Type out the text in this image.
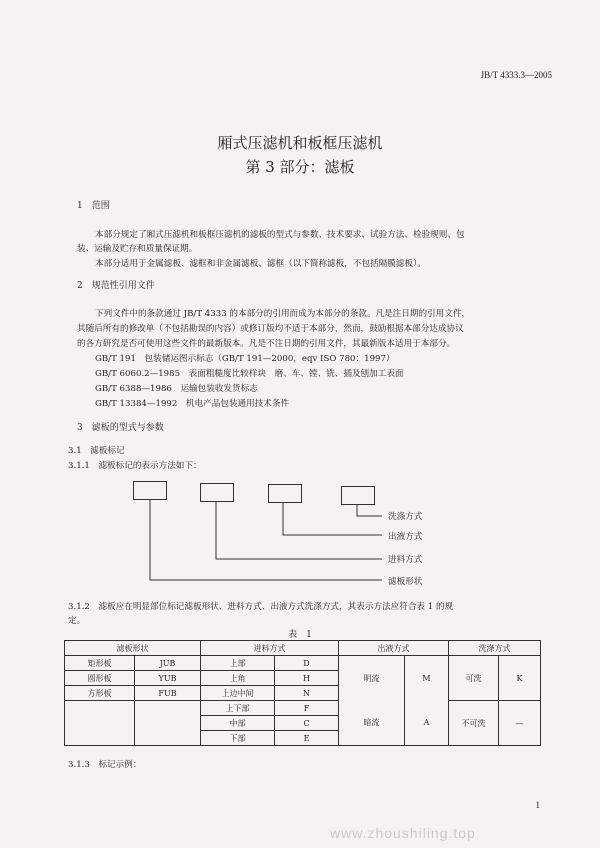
JB/T 4333.3—2005
厢式压滤机和板框压滤机
第 3 部分：滤板
1　范围
本部分规定了厢式压滤机和板框压滤机的滤板的型式与参数、技术要求、试验方法、检验规则、包
装、运输及贮存和质量保证期。
本部分适用于金属滤板、滤框和非金属滤板、滤框（以下简称滤板，不包括隔膜滤板）。
2　规范性引用文件
下列文件中的条款通过 JB/T 4333 的本部分的引用而成为本部分的条款。凡是注日期的引用文件，
其随后所有的修改单（不包括勘误的内容）或修订版均不适于本部分，然而，鼓励根据本部分达成协议
的各方研究是否可使用这些文件的最新版本。凡是不注日期的引用文件，其最新版本适用于本部分。
GB/T 191　包装储运图示标志（GB/T 191—2000，eqv ISO 780：1997）
GB/T 6060.2—1985　表面粗糙度比较样块　磨、车、镗、铣、插及刨加工表面
GB/T 6388—1986　运输包装收发货标志
GB/T 13384—1992　机电产品包装通用技术条件
3　滤板的型式与参数
3.1　滤板标记
3.1.1　滤板标记的表示方法如下：
洗涤方式
出液方式
进料方式
滤板形状
3.1.2　滤板应在明显部位标记滤板形状、进料方式、出液方式洗涤方式，其表示方法应符合表 1 的规
定。
表　1
滤板形状		进料方式		出液方式		洗涤方式	
矩形板	JUB	上部	D	明流	M	可洗	K
圆形板	YUB	上角	H				
方形板	FUB	上边中间	N				
		上下部	F	暗流	A	不可洗	—
		中部	C				
		下部	E				
3.1.3　标记示例：
1
www.zhoushiling.top
